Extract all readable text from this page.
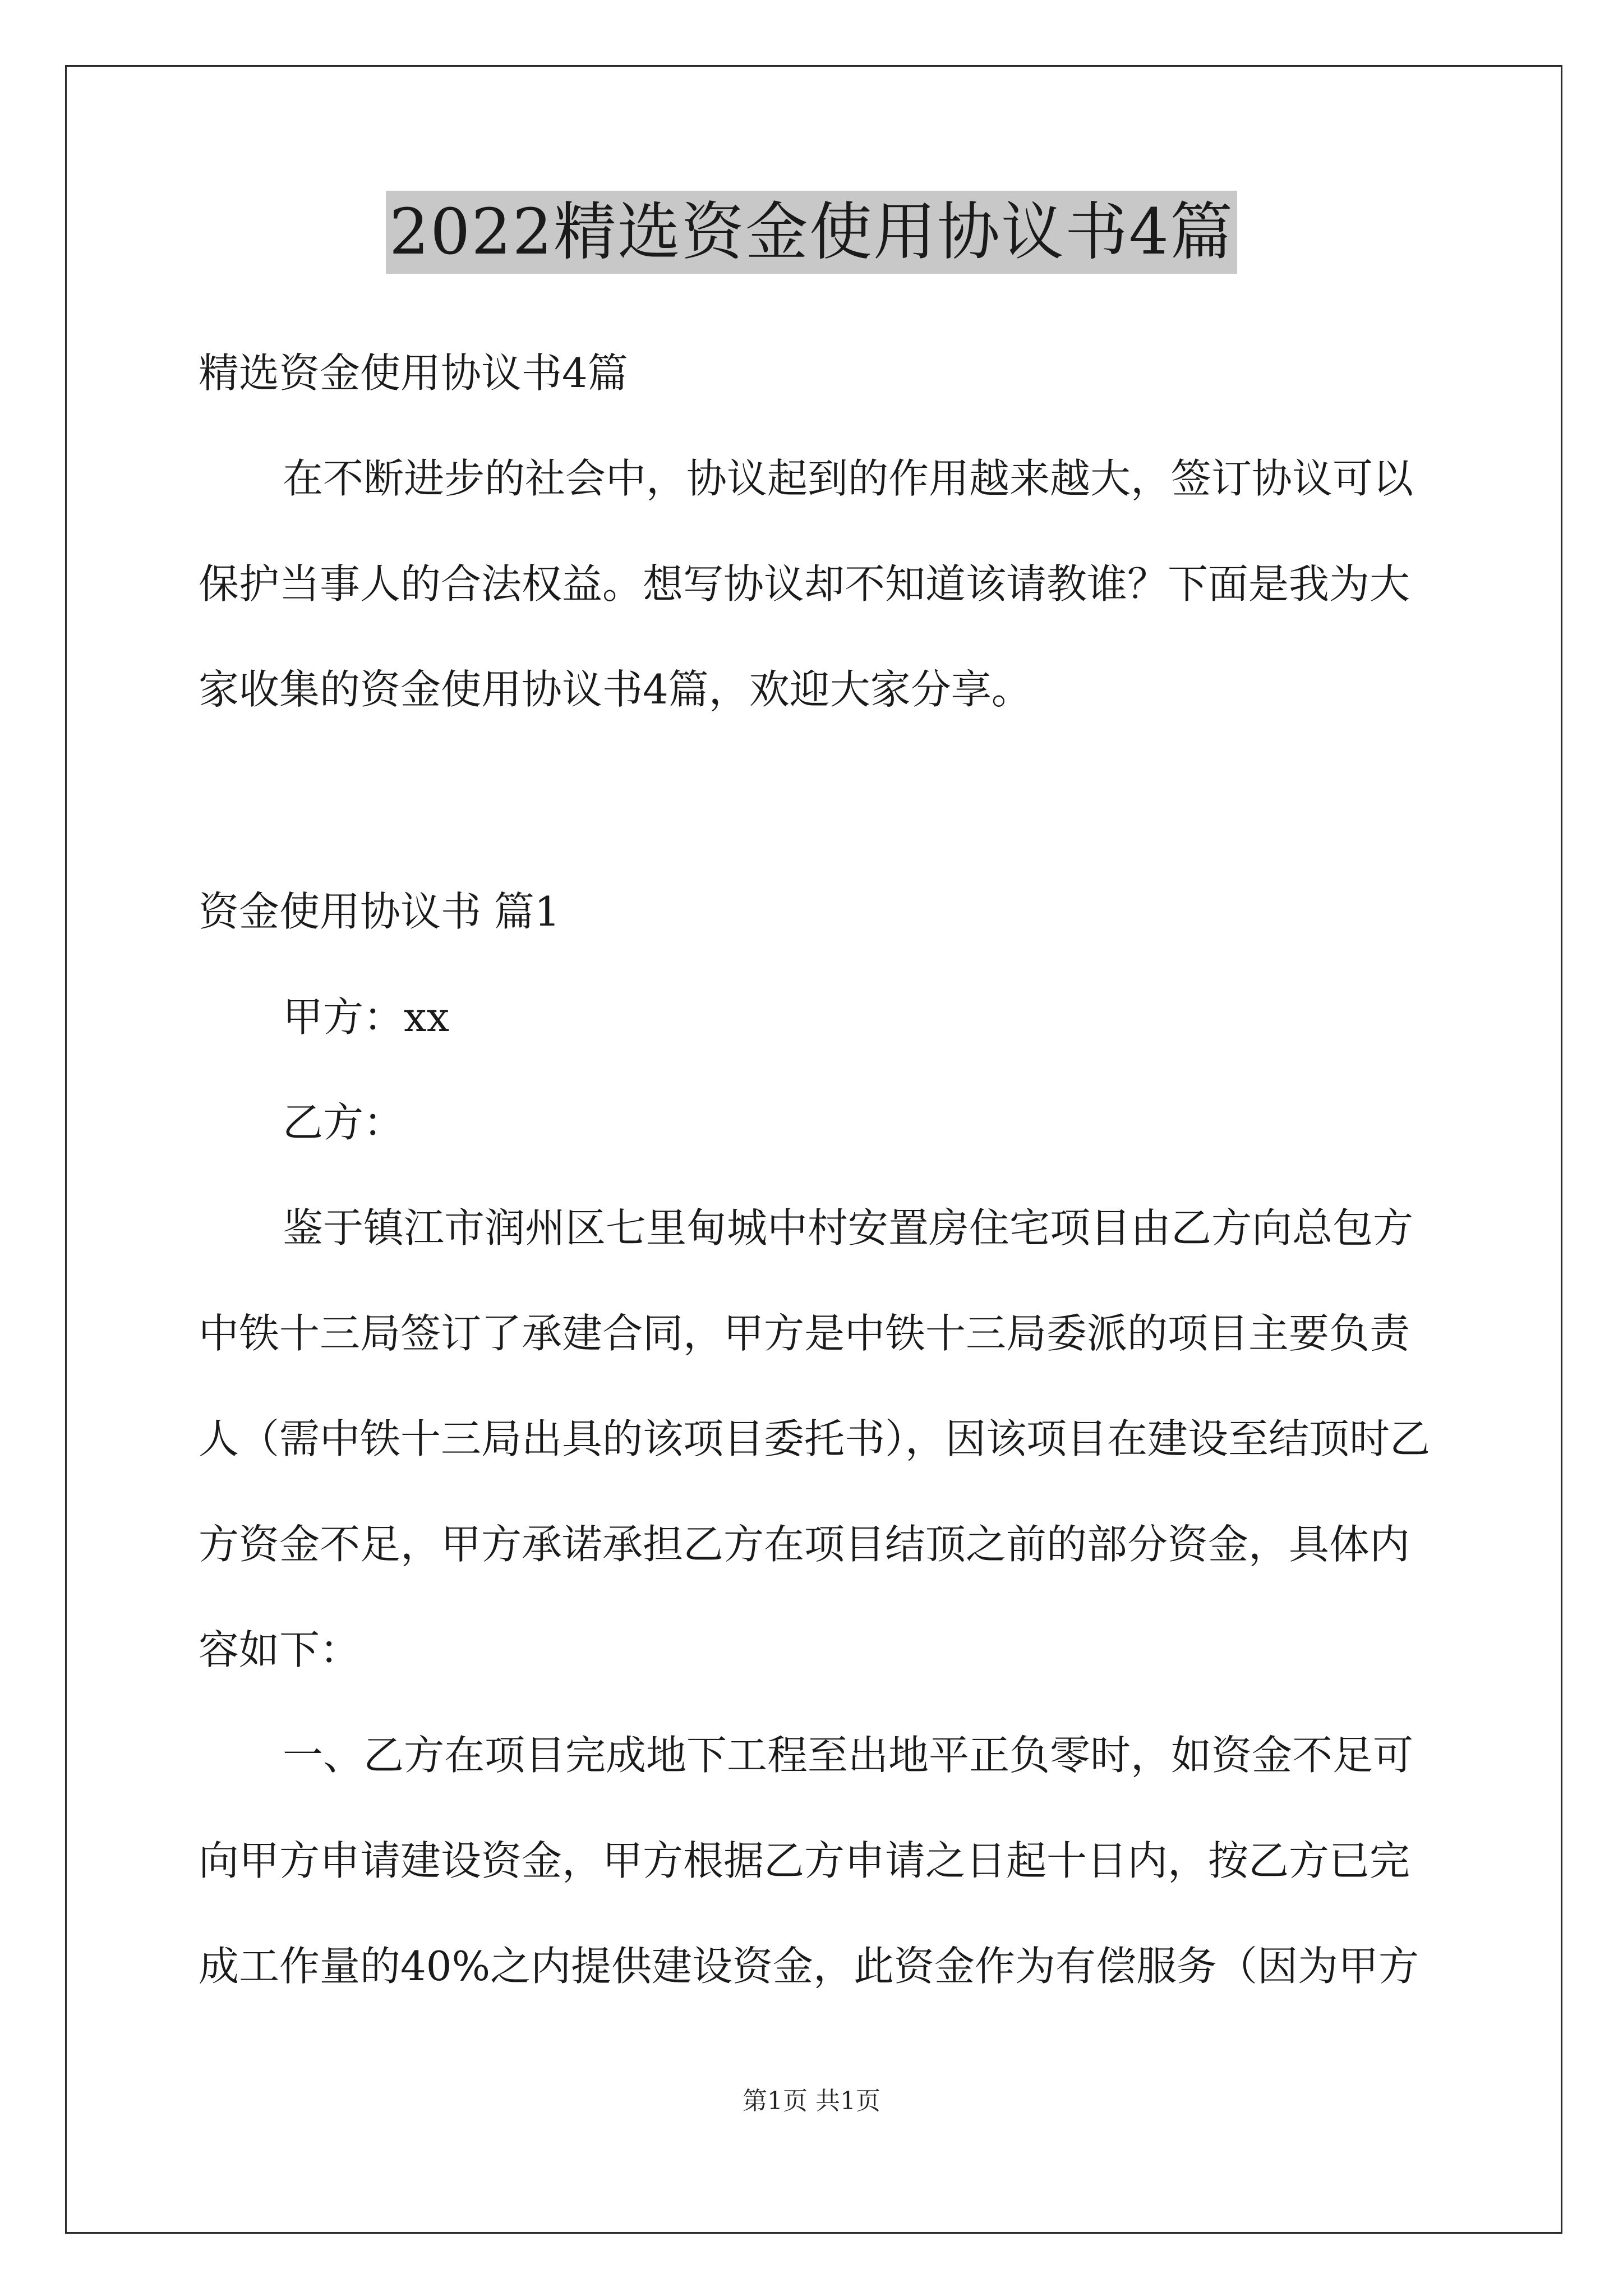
2022精选资金使用协议书4篇
精选资金使用协议书4篇
在不断进步的社会中，协议起到的作用越来越大，签订协议可以
保护当事人的合法权益。想写协议却不知道该请教谁？下面是我为大
家收集的资金使用协议书4篇，欢迎大家分享。
资金使用协议书 篇1
甲方：xx
乙方：
鉴于镇江市润州区七里甸城中村安置房住宅项目由乙方向总包方
中铁十三局签订了承建合同，甲方是中铁十三局委派的项目主要负责
人（需中铁十三局出具的该项目委托书），因该项目在建设至结顶时乙
方资金不足，甲方承诺承担乙方在项目结顶之前的部分资金，具体内
容如下：
一、乙方在项目完成地下工程至出地平正负零时，如资金不足可
向甲方申请建设资金，甲方根据乙方申请之日起十日内，按乙方已完
成工作量的40%之内提供建设资金，此资金作为有偿服务（因为甲方
第1页 共1页
